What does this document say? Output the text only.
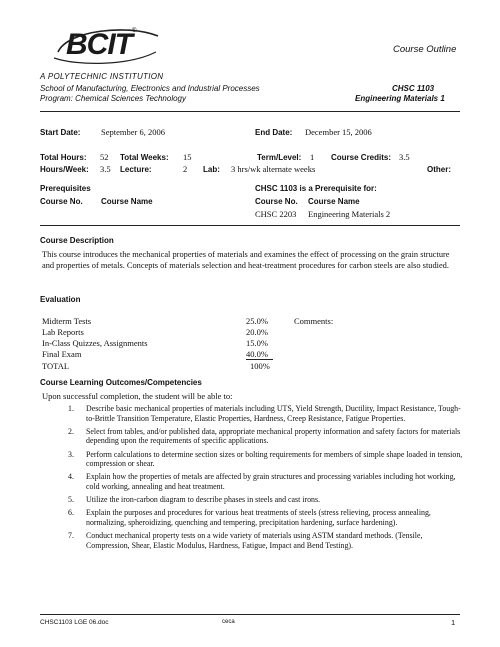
BCIT ®
A POLYTECHNIC INSTITUTION
Course Outline
School of Manufacturing, Electronics and Industrial Processes
Program: Chemical Sciences Technology
CHSC 1103
Engineering Materials 1
Start Date: September 6, 2006	End Date: December 15, 2006
Total Hours: 52 Total Weeks: 15	Term/Level: 1 Course Credits: 3.5
Hours/Week: 3.5 Lecture:	2 Lab: 3 hrs/wk alternate weeks	Other:
Prerequisites
Course No. Course Name
CHSC 1103 is a Prerequisite for:
Course No. Course Name
CHSC 2203 Engineering Materials 2
Course Description
This course introduces the mechanical properties of materials and examines the effect of processing on the grain structure and properties of metals. Concepts of materials selection and heat-treatment procedures for carbon steels are also studied.
Evaluation
Comments:
Midterm Tests	25.0%
Lab Reports	20.0%
In-Class Quizzes, Assignments	15.0%
Final Exam	40.0%
TOTAL	100%
Course Learning Outcomes/Competencies
Upon successful completion, the student will be able to:
1. Describe basic mechanical properties of materials including UTS, Yield Strength, Ductility, Impact Resistance, Tough-to-Brittle Transition Temperature, Elastic Properties, Hardness, Creep Resistance, Fatigue Properties.
2. Select from tables, and/or published data, appropriate mechanical property information and safety factors for materials depending upon the requirements of specific applications.
3. Perform calculations to determine section sizes or bolting requirements for members of simple shape loaded in tension, compression or shear.
4. Explain how the properties of metals are affected by grain structures and processing variables including hot working, cold working, annealing and heat treatment.
5. Utilize the iron-carbon diagram to describe phases in steels and cast irons.
6. Explain the purposes and procedures for various heat treatments of steels (stress relieving, process annealing, normalizing, spheroidizing, quenching and tempering, precipitation hardening, surface hardening).
7. Conduct mechanical property tests on a wide variety of materials using ASTM standard methods. (Tensile, Compression, Shear, Elastic Modulus, Hardness, Fatigue, Impact and Bend Testing).
CHSC1103 LGE 06.doc	ceca	1
